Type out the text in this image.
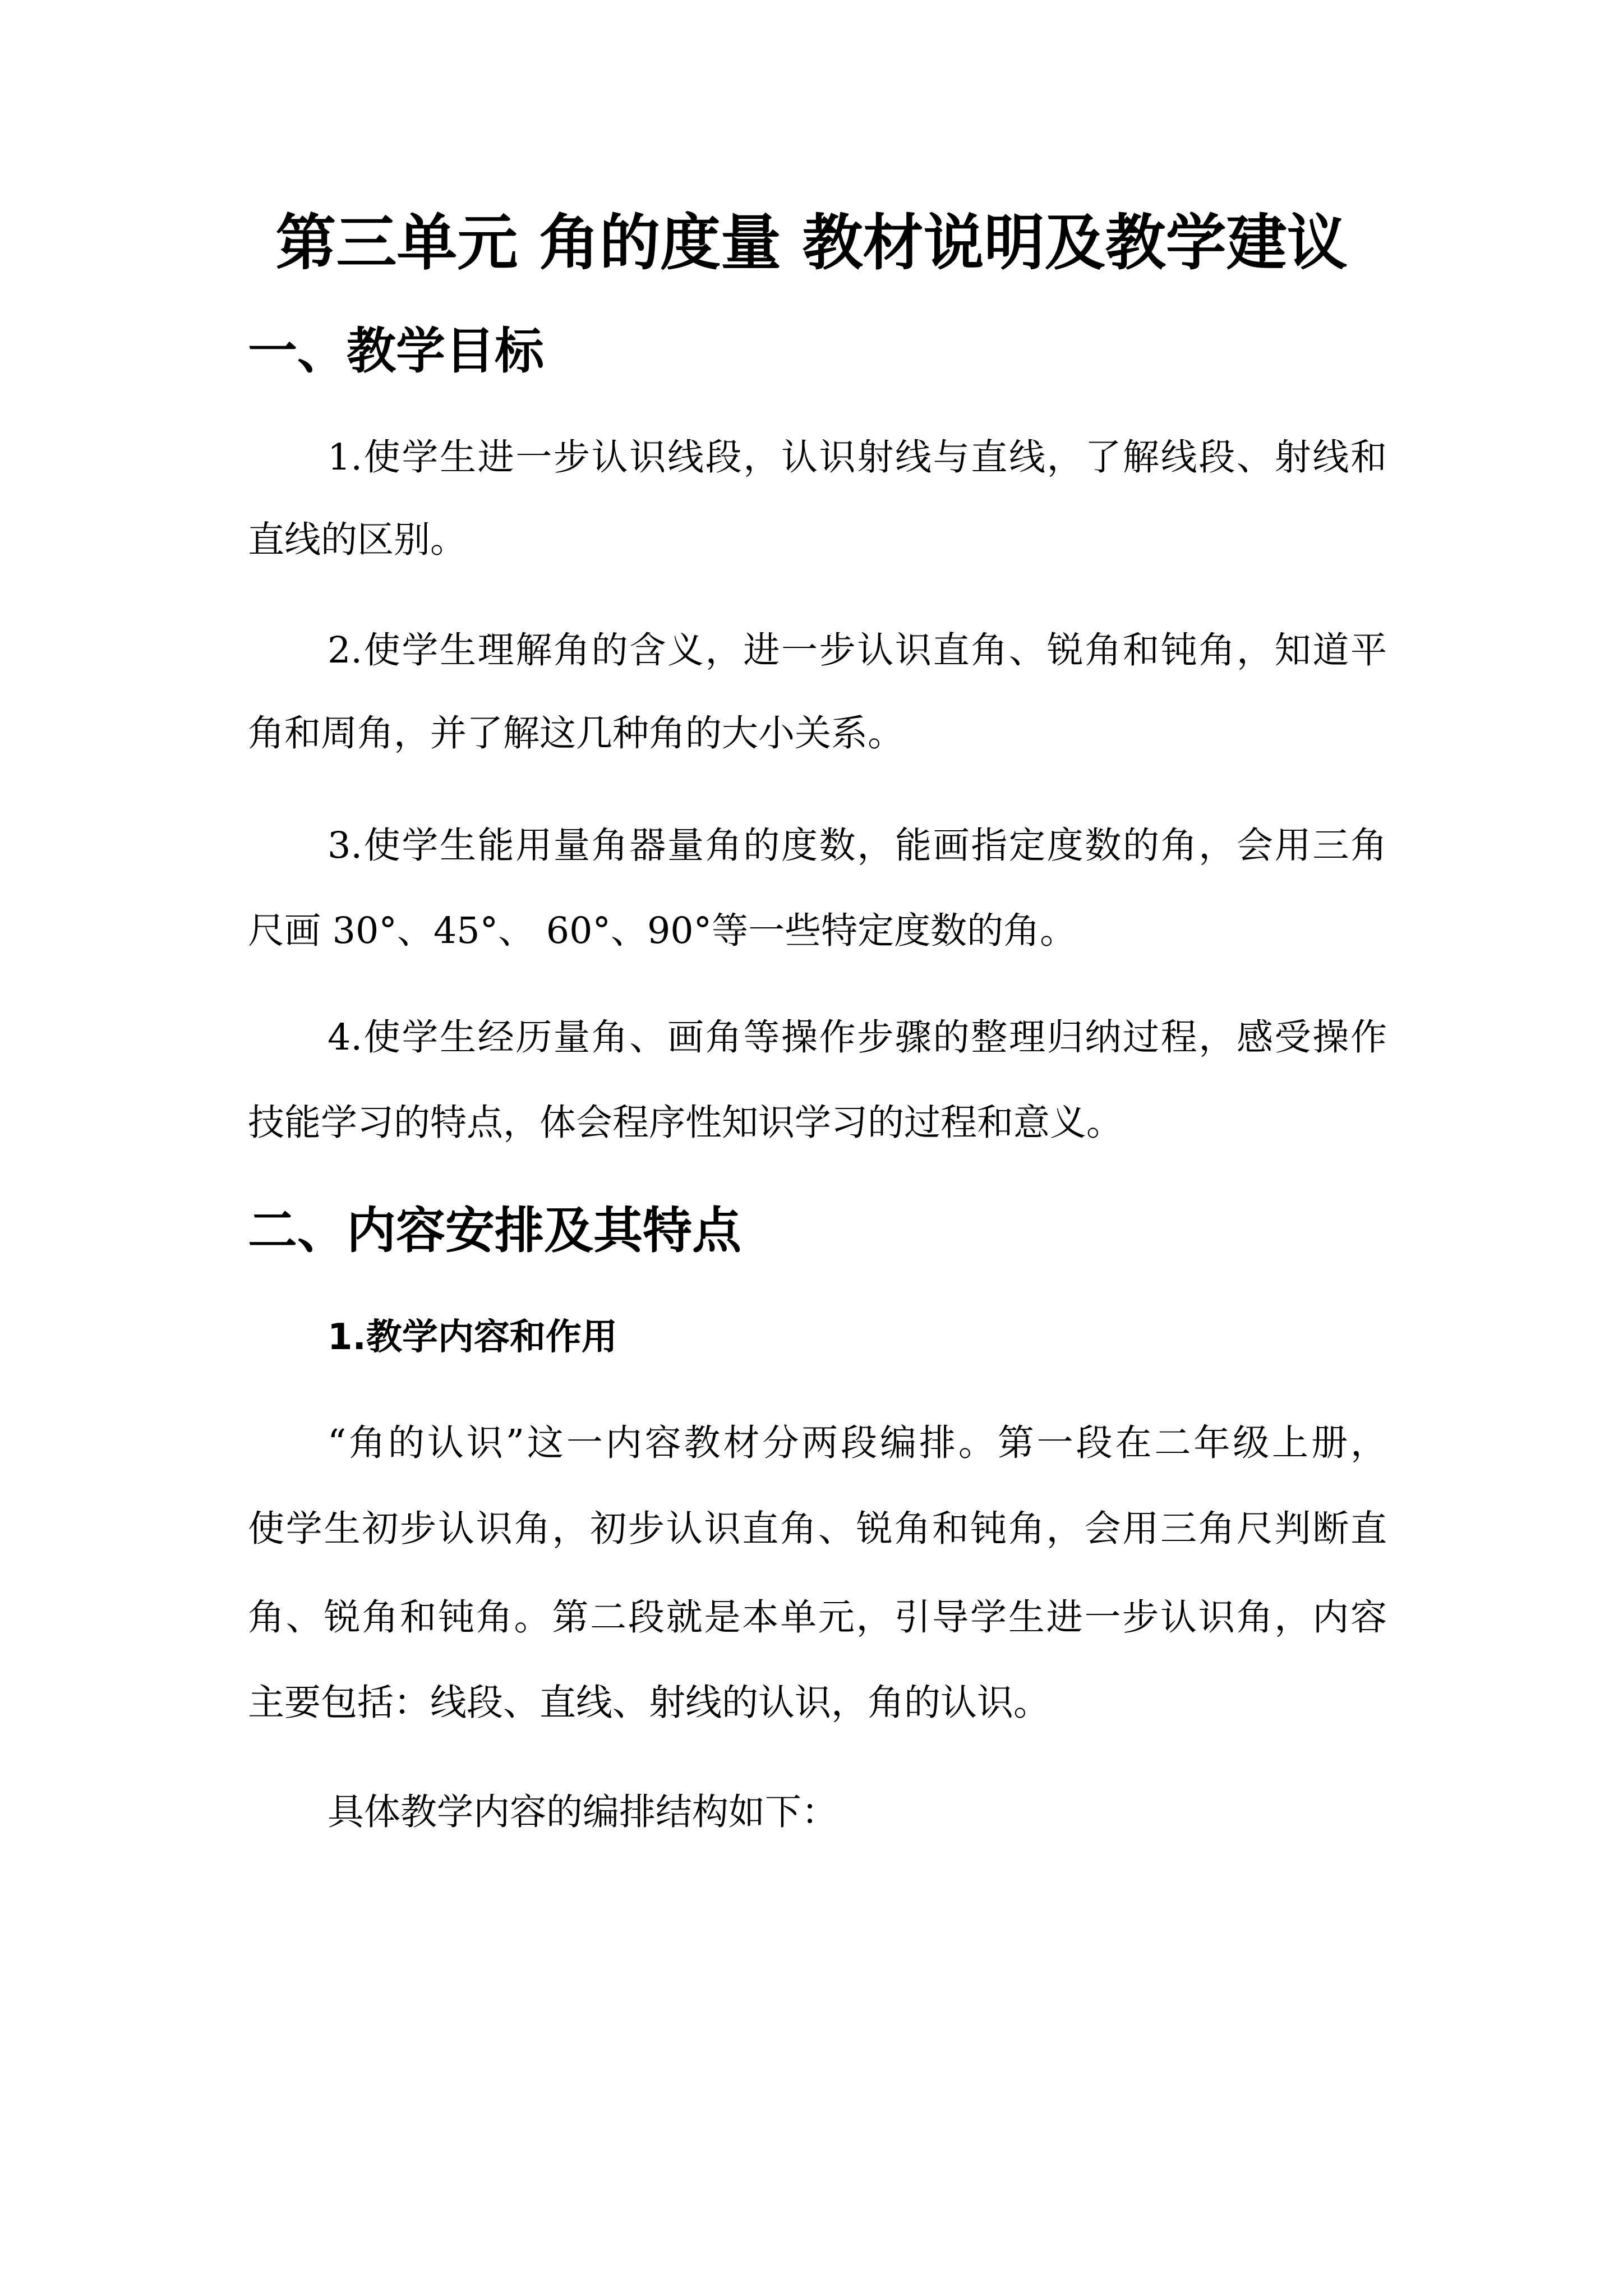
第三单元 角的度量 教材说明及教学建议
一、教学目标
1.使学生进一步认识线段，认识射线与直线，了解线段、射线和
直线的区别。
2.使学生理解角的含义，进一步认识直角、锐角和钝角，知道平
角和周角，并了解这几种角的大小关系。
3.使学生能用量角器量角的度数，能画指定度数的角，会用三角
尺画 30°、45°、 60°、90°等一些特定度数的角。
4.使学生经历量角、画角等操作步骤的整理归纳过程，感受操作
技能学习的特点，体会程序性知识学习的过程和意义。
二、内容安排及其特点
1.教学内容和作用
“角的认识”这一内容教材分两段编排。第一段在二年级上册，
使学生初步认识角，初步认识直角、锐角和钝角，会用三角尺判断直
角、锐角和钝角。第二段就是本单元，引导学生进一步认识角，内容
主要包括：线段、直线、射线的认识，角的认识。
具体教学内容的编排结构如下：
